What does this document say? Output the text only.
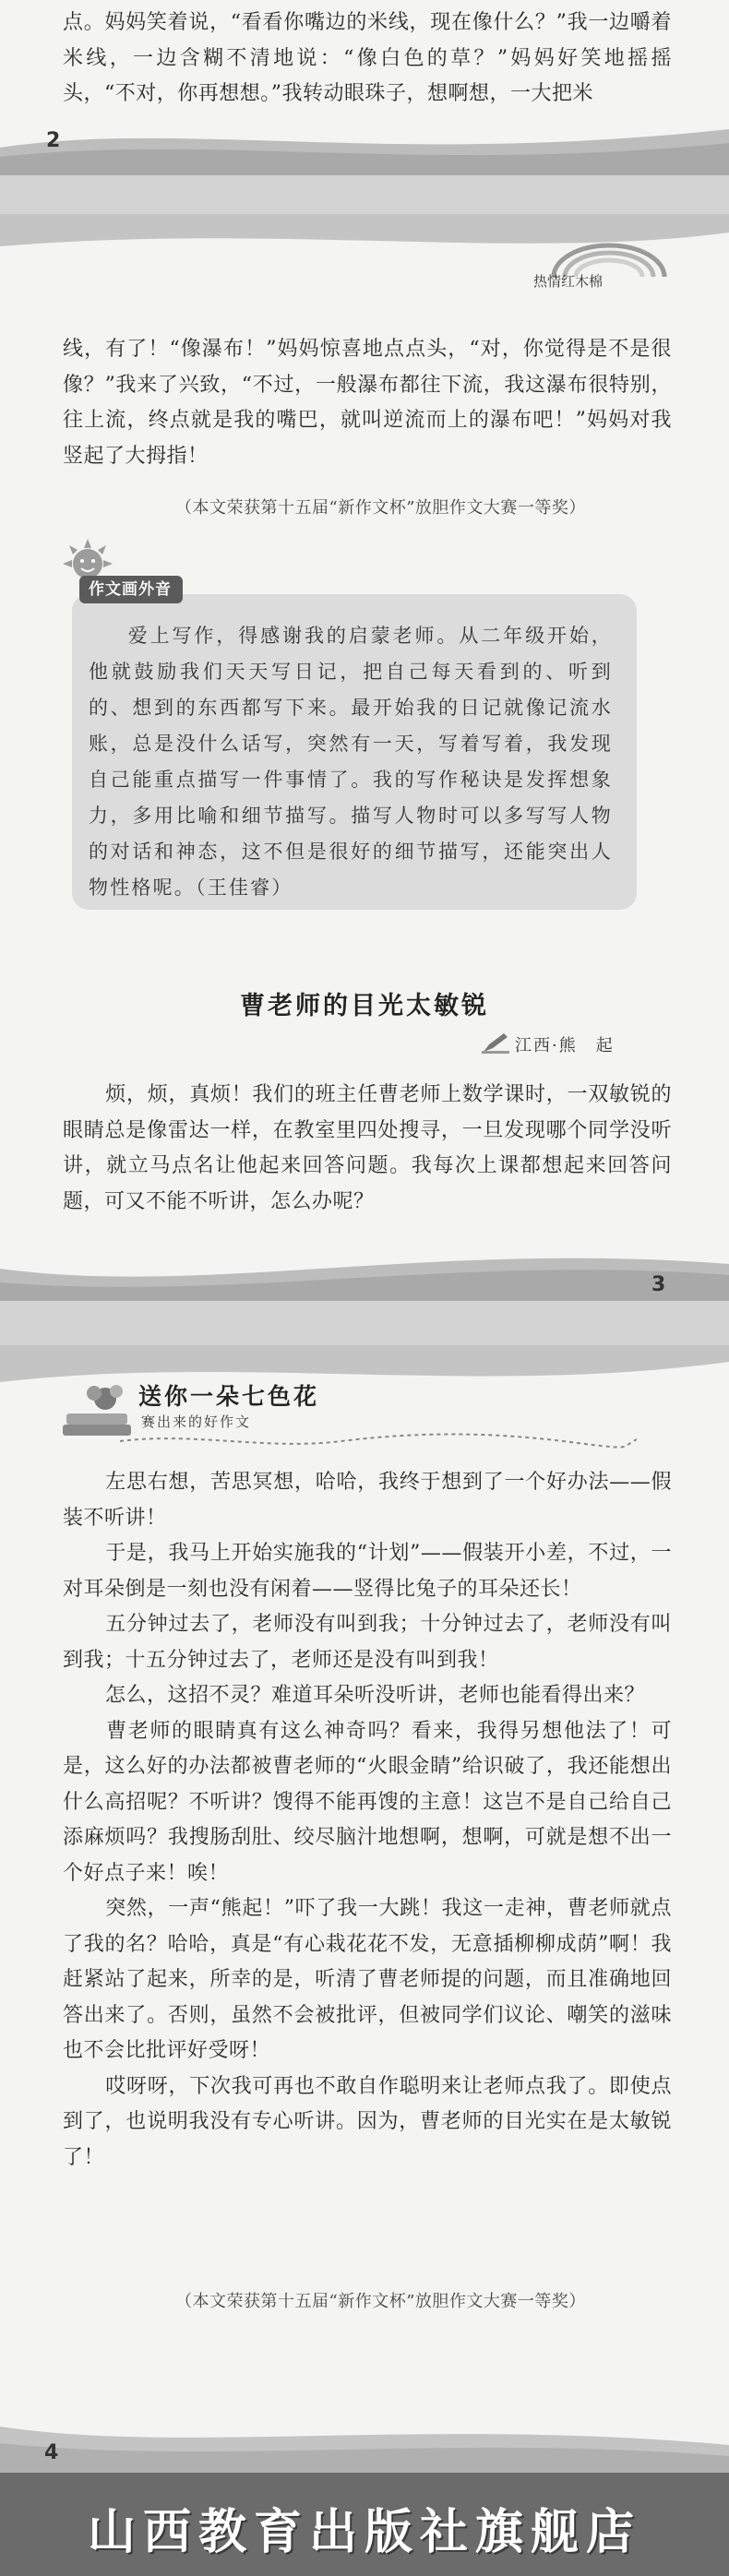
点。妈妈笑着说，“看看你嘴边的米线，现在像什么？”我一边嚼着米线，一边含糊不清地说：“像白色的草？”妈妈好笑地摇摇头，“不对，你再想想。”我转动眼珠子，想啊想，一大把米
2
热情红木棉
线，有了！“像瀑布！”妈妈惊喜地点点头，“对，你觉得是不是很像？”我来了兴致，“不过，一般瀑布都往下流，我这瀑布很特别，往上流，终点就是我的嘴巴，就叫逆流而上的瀑布吧！”妈妈对我竖起了大拇指！
（本文荣获第十五届“新作文杯”放胆作文大赛一等奖）
爱上写作，得感谢我的启蒙老师。从二年级开始，他就鼓励我们天天写日记，把自己每天看到的、听到的、想到的东西都写下来。最开始我的日记就像记流水账，总是没什么话写，突然有一天，写着写着，我发现自己能重点描写一件事情了。我的写作秘诀是发挥想象力，多用比喻和细节描写。描写人物时可以多写写人物的对话和神态，这不但是很好的细节描写，还能突出人物性格呢。（王佳睿）
作文画外音
曹老师的目光太敏锐
江西·熊　起
烦，烦，真烦！我们的班主任曹老师上数学课时，一双敏锐的眼睛总是像雷达一样，在教室里四处搜寻，一旦发现哪个同学没听讲，就立马点名让他起来回答问题。我每次上课都想起来回答问题，可又不能不听讲，怎么办呢？
3
送你一朵七色花
赛出来的好作文
左思右想，苦思冥想，哈哈，我终于想到了一个好办法——假装不听讲！
于是，我马上开始实施我的“计划”——假装开小差，不过，一对耳朵倒是一刻也没有闲着——竖得比兔子的耳朵还长！
五分钟过去了，老师没有叫到我；十分钟过去了，老师没有叫到我；十五分钟过去了，老师还是没有叫到我！
怎么，这招不灵？难道耳朵听没听讲，老师也能看得出来？
曹老师的眼睛真有这么神奇吗？看来，我得另想他法了！可是，这么好的办法都被曹老师的“火眼金睛”给识破了，我还能想出什么高招呢？不听讲？馊得不能再馊的主意！这岂不是自己给自己添麻烦吗？我搜肠刮肚、绞尽脑汁地想啊，想啊，可就是想不出一个好点子来！唉！
突然，一声“熊起！”吓了我一大跳！我这一走神，曹老师就点了我的名？哈哈，真是“有心栽花花不发，无意插柳柳成荫”啊！我赶紧站了起来，所幸的是，听清了曹老师提的问题，而且准确地回答出来了。否则，虽然不会被批评，但被同学们议论、嘲笑的滋味也不会比批评好受呀！
哎呀呀，下次我可再也不敢自作聪明来让老师点我了。即使点到了，也说明我没有专心听讲。因为，曹老师的目光实在是太敏锐了！
（本文荣获第十五届“新作文杯”放胆作文大赛一等奖）
4
山西教育出版社旗舰店
